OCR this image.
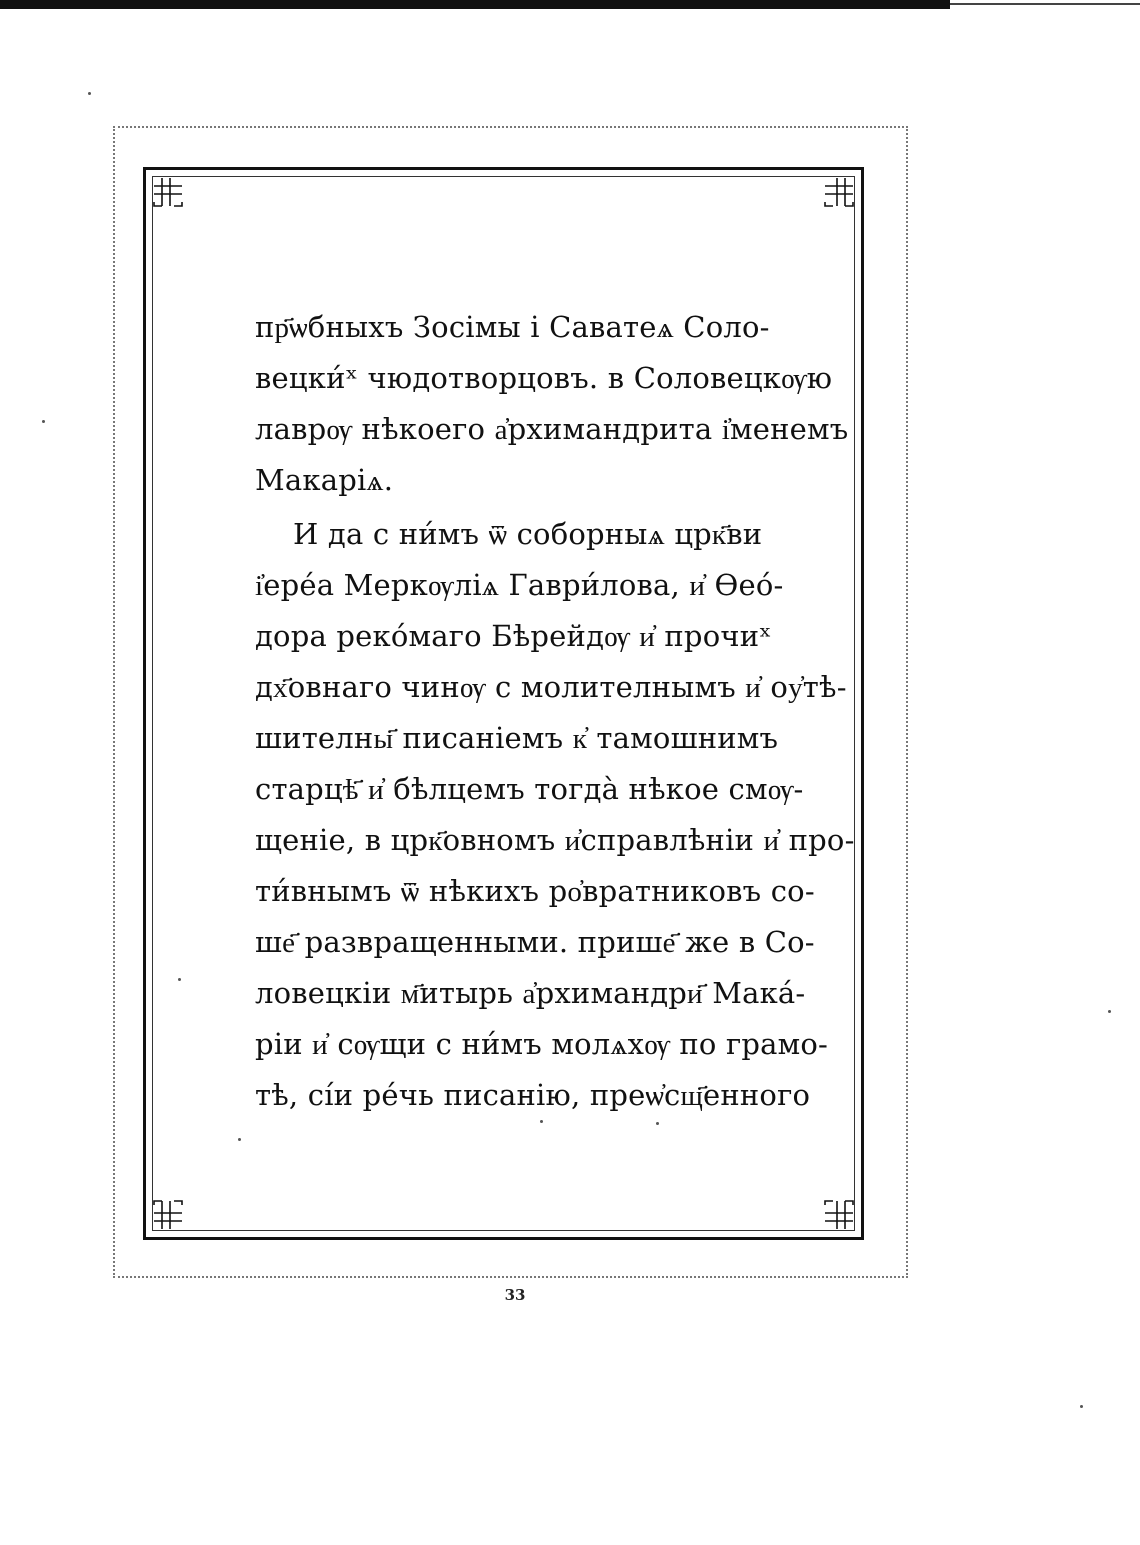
пр҃ѡбныхъ Зосімы і Саватеѧ Соло-
вецки́ˣ чюдотворцовъ. в Соловецкѹю
лаврѹ нѣкоего а҆рхимандрита і҆менемъ
Макаріѧ.
И да с ни́мъ ѿ соборныѧ црк҃ви
і҆ерéа Меркѹліѧ Гаври́лова, и҆ Ѳеó-
дора рекóмаго Бѣрейдѹ и҆ прочиˣ
дх҃овнаго чинѹ с молителнымъ и҆ оу҆тѣ-
шителны҃ писаніемъ к҆ тамошнимъ
старцѣ҃ и҆ бѣлцемъ тогда̀ нѣкое смѹ-
щеніе, в црк҃овномъ и҆справлѣніи и҆ про-
ти́внымъ ѿ нѣкихъ ро҆вратниковъ со-
ше҃ развращенными. прише҃ же в Со-
ловецкіи м҃итырь а҆рхимандри҃ Мака́-
ріи и҆ сѹщи с ни́мъ молѧхѹ по грамо-
тѣ, сі́и рéчь писанію, преѡ҆сщ҃енного
33
